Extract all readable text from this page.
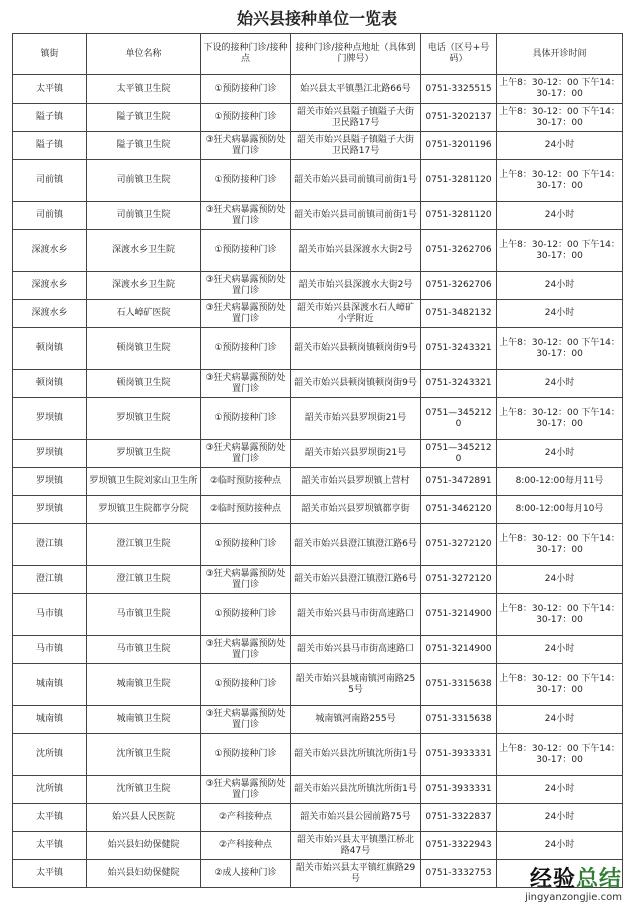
始兴县接种单位一览表
镇街	单位名称	下设的接种门诊/接种点	接种门诊/接种点地址（具体到门牌号）	电话（区号+号码）	具体开诊时间
太平镇	太平镇卫生院	①预防接种门诊	始兴县太平镇墨江北路66号	0751-3325515	上午8：30-12：00 下午14：30-17：00
隘子镇	隘子镇卫生院	①预防接种门诊	韶关市始兴县隘子镇隘子大街卫民路17号	0751-3202137	上午8：30-12：00 下午14：30-17：00
隘子镇	隘子镇卫生院	③狂犬病暴露预防处置门诊	韶关市始兴县隘子镇隘子大街卫民路17号	0751-3201196	24小时
司前镇	司前镇卫生院	①预防接种门诊	韶关市始兴县司前镇司前街1号	0751-3281120	上午8：30-12：00 下午14：30-17：00
司前镇	司前镇卫生院	③狂犬病暴露预防处置门诊	韶关市始兴县司前镇司前街1号	0751-3281120	24小时
深渡水乡	深渡水乡卫生院	①预防接种门诊	韶关市始兴县深渡水大街2号	0751-3262706	上午8：30-12：00 下午14：30-17：00
深渡水乡	深渡水乡卫生院	③狂犬病暴露预防处置门诊	韶关市始兴县深渡水大街2号	0751-3262706	24小时
深渡水乡	石人嶂矿医院	③狂犬病暴露预防处置门诊	韶关市始兴县深渡水石人嶂矿小学附近	0751-3482132	24小时
顿岗镇	顿岗镇卫生院	①预防接种门诊	韶关市始兴县顿岗镇顿岗街9号	0751-3243321	上午8：30-12：00 下午14：30-17：00
顿岗镇	顿岗镇卫生院	③狂犬病暴露预防处置门诊	韶关市始兴县顿岗镇顿岗街9号	0751-3243321	24小时
罗坝镇	罗坝镇卫生院	①预防接种门诊	韶关市始兴县罗坝街21号	0751—3452120	上午8：30-12：00 下午14：30-17：00
罗坝镇	罗坝镇卫生院	③狂犬病暴露预防处置门诊	韶关市始兴县罗坝街21号	0751—3452120	24小时
罗坝镇	罗坝镇卫生院刘家山卫生所	②临时预防接种点	韶关市始兴县罗坝镇上营村	0751-3472891	8:00-12:00每月11号
罗坝镇	罗坝镇卫生院都亨分院	②临时预防接种点	韶关市始兴县罗坝镇都亨街	0751-3462120	8:00-12:00每月10号
澄江镇	澄江镇卫生院	①预防接种门诊	韶关市始兴县澄江镇澄江路6号	0751-3272120	上午8：30-12：00 下午14：30-17：00
澄江镇	澄江镇卫生院	③狂犬病暴露预防处置门诊	韶关市始兴县澄江镇澄江路6号	0751-3272120	24小时
马市镇	马市镇卫生院	①预防接种门诊	韶关市始兴县马市街高速路口	0751-3214900	上午8：30-12：00 下午14：30-17：00
马市镇	马市镇卫生院	③狂犬病暴露预防处置门诊	韶关市始兴县马市街高速路口	0751-3214900	24小时
城南镇	城南镇卫生院	①预防接种门诊	韶关市始兴县城南镇河南路255号	0751-3315638	上午8：30-12：00 下午14：30-17：00
城南镇	城南镇卫生院	③狂犬病暴露预防处置门诊	城南镇河南路255号	0751-3315638	24小时
沈所镇	沈所镇卫生院	①预防接种门诊	韶关市始兴县沈所镇沈所街1号	0751-3933331	上午8：30-12：00 下午14：30-17：00
沈所镇	沈所镇卫生院	③狂犬病暴露预防处置门诊	韶关市始兴县沈所镇沈所街1号	0751-3933331	24小时
太平镇	始兴县人民医院	②产科接种点	韶关市始兴县公园前路75号	0751-3322837	24小时
太平镇	始兴县妇幼保健院	②产科接种点	韶关市始兴县太平镇墨江桥北路47号	0751-3322943	24小时
太平镇	始兴县妇幼保健院	②成人接种门诊	韶关市始兴县太平镇红旗路29号	0751-3332753		经验总结
jingyanzongjie.com
